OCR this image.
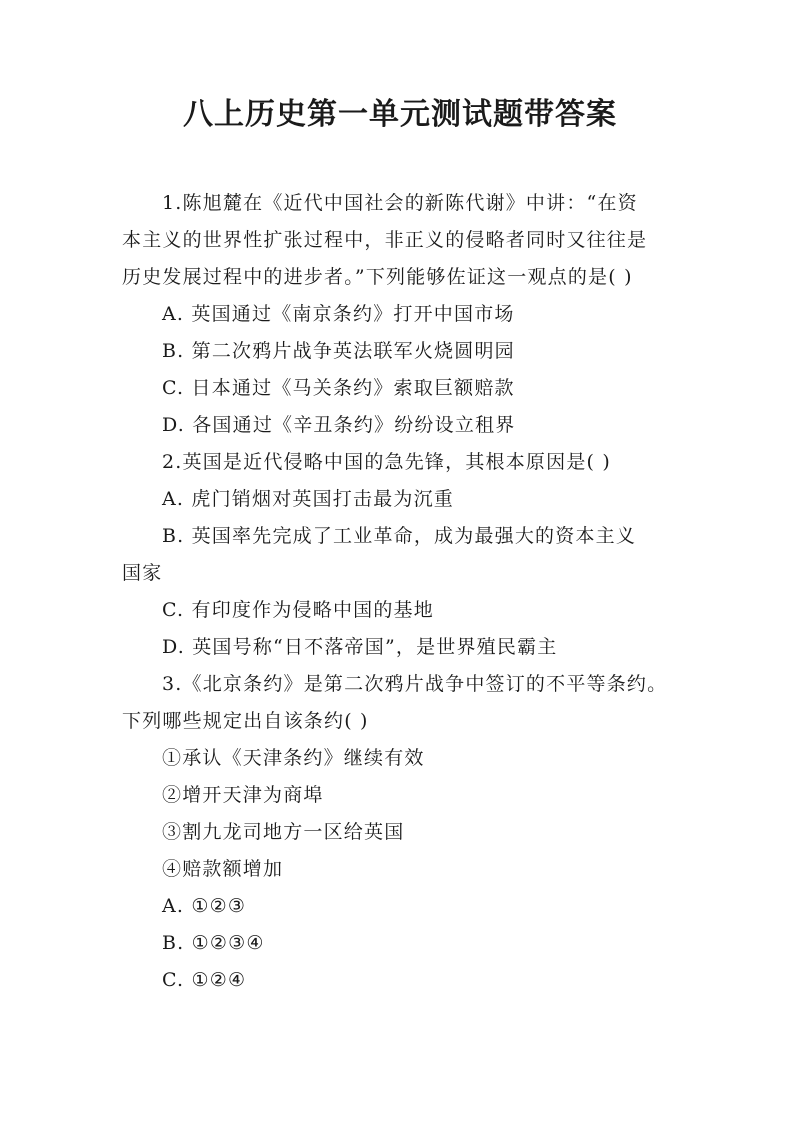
八上历史第一单元测试题带答案
1.陈旭麓在《近代中国社会的新陈代谢》中讲：“在资
本主义的世界性扩张过程中，非正义的侵略者同时又往往是
历史发展过程中的进步者。”下列能够佐证这一观点的是( )
A. 英国通过《南京条约》打开中国市场
B. 第二次鸦片战争英法联军火烧圆明园
C. 日本通过《马关条约》索取巨额赔款
D. 各国通过《辛丑条约》纷纷设立租界
2.英国是近代侵略中国的急先锋，其根本原因是( )
A. 虎门销烟对英国打击最为沉重
B. 英国率先完成了工业革命，成为最强大的资本主义
国家
C. 有印度作为侵略中国的基地
D. 英国号称“日不落帝国”，是世界殖民霸主
3.《北京条约》是第二次鸦片战争中签订的不平等条约。
下列哪些规定出自该条约( )
①承认《天津条约》继续有效
②增开天津为商埠
③割九龙司地方一区给英国
④赔款额增加
A. ①②③
B. ①②③④
C. ①②④
